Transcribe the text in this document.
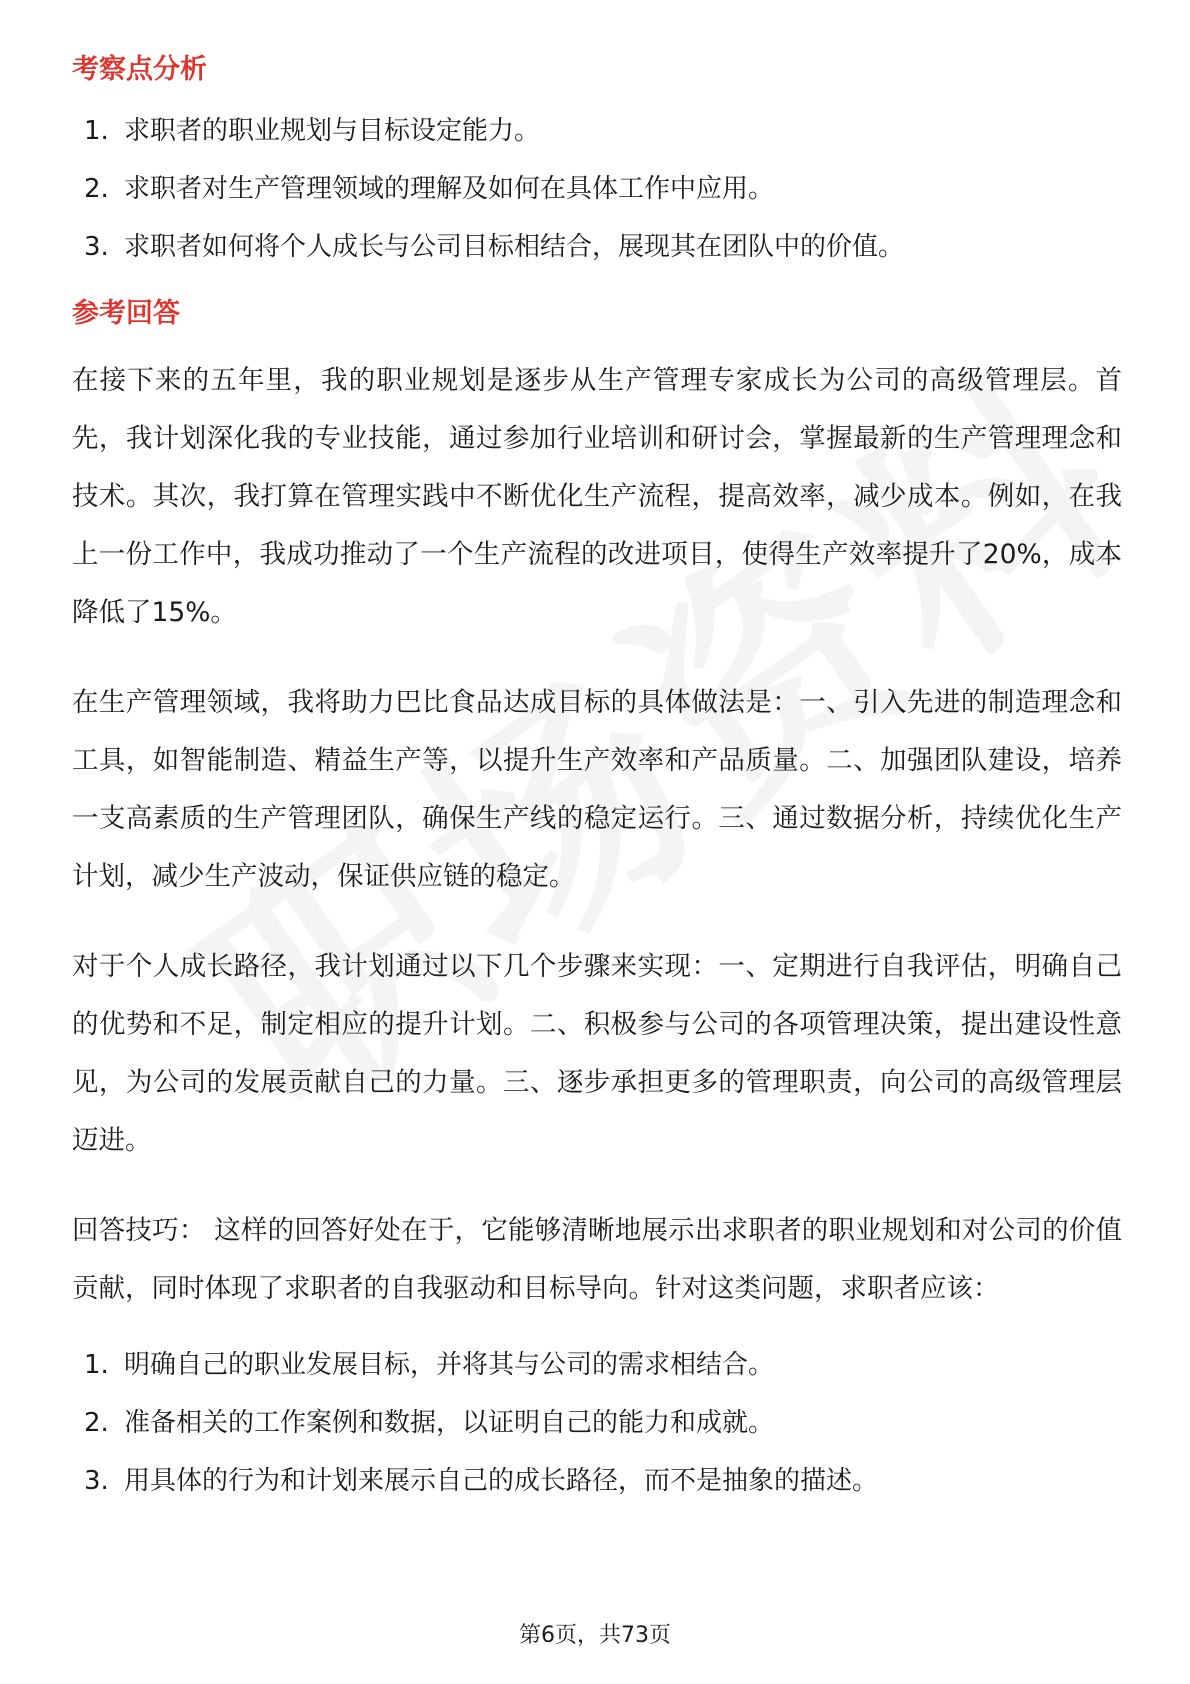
考察点分析
1. 求职者的职业规划与目标设定能力。
2. 求职者对生产管理领域的理解及如何在具体工作中应用。
3. 求职者如何将个人成长与公司目标相结合，展现其在团队中的价值。
参考回答

在接下来的五年里，我的职业规划是逐步从生产管理专家成长为公司的高级管理层。首先，我计划深化我的专业技能，通过参加行业培训和研讨会，掌握最新的生产管理理念和技术。其次，我打算在管理实践中不断优化生产流程，提高效率，减少成本。例如，在我上一份工作中，我成功推动了一个生产流程的改进项目，使得生产效率提升了20%，成本降低了15%。

在生产管理领域，我将助力巴比食品达成目标的具体做法是：一、引入先进的制造理念和工具，如智能制造、精益生产等，以提升生产效率和产品质量。二、加强团队建设，培养一支高素质的生产管理团队，确保生产线的稳定运行。三、通过数据分析，持续优化生产计划，减少生产波动，保证供应链的稳定。

对于个人成长路径，我计划通过以下几个步骤来实现：一、定期进行自我评估，明确自己的优势和不足，制定相应的提升计划。二、积极参与公司的各项管理决策，提出建设性意见，为公司的发展贡献自己的力量。三、逐步承担更多的管理职责，向公司的高级管理层迈进。

回答技巧： 这样的回答好处在于，它能够清晰地展示出求职者的职业规划和对公司的价值贡献，同时体现了求职者的自我驱动和目标导向。针对这类问题，求职者应该：

1. 明确自己的职业发展目标，并将其与公司的需求相结合。
2. 准备相关的工作案例和数据，以证明自己的能力和成就。
3. 用具体的行为和计划来展示自己的成长路径，而不是抽象的描述。
第6页，共73页
